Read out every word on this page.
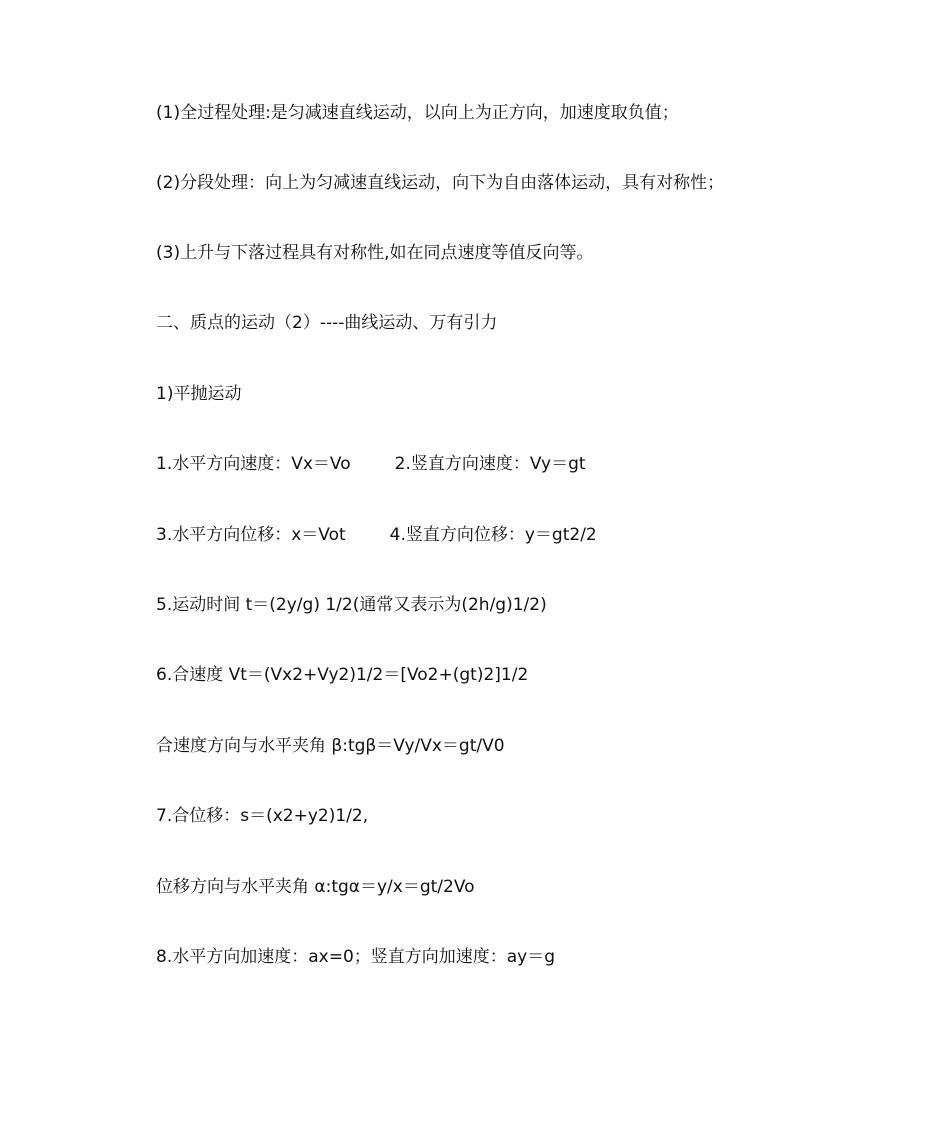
(1)全过程处理:是匀减速直线运动，以向上为正方向，加速度取负值；
(2)分段处理：向上为匀减速直线运动，向下为自由落体运动，具有对称性；
(3)上升与下落过程具有对称性,如在同点速度等值反向等。
二、质点的运动（2）----曲线运动、万有引力
1)平抛运动
1.水平方向速度：Vx＝Vo	2.竖直方向速度：Vy＝gt
3.水平方向位移：x＝Vot	4.竖直方向位移：y＝gt2/2
5.运动时间 t＝(2y/g) 1/2(通常又表示为(2h/g)1/2)
6.合速度 Vt＝(Vx2+Vy2)1/2＝[Vo2+(gt)2]1/2
合速度方向与水平夹角 β:tgβ＝Vy/Vx＝gt/V0
7.合位移：s＝(x2+y2)1/2,
位移方向与水平夹角 α:tgα＝y/x＝gt/2Vo
8.水平方向加速度：ax=0；竖直方向加速度：ay＝g
